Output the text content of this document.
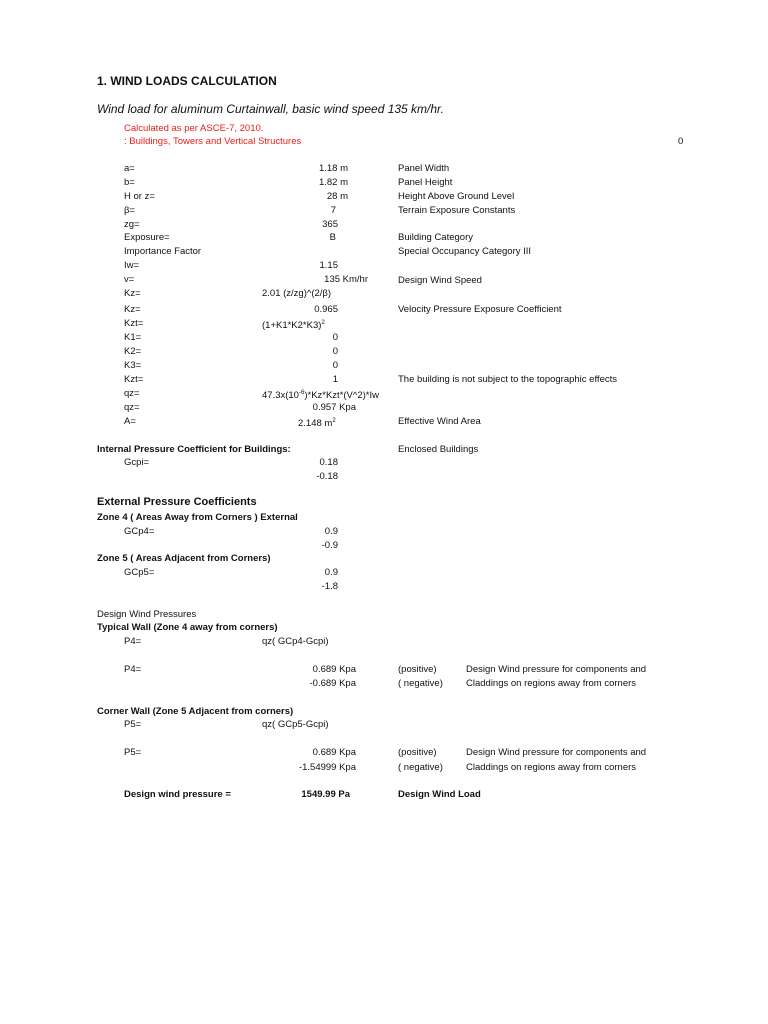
1. WIND LOADS CALCULATION
Wind load for aluminum Curtainwall, basic wind speed 135 km/hr.
Calculated as per ASCE-7, 2010.
: Buildings, Towers and Vertical Structures	0
a=	1.18 m	Panel Width
b=	1.82 m	Panel Height
H or z=	28 m	Height Above Ground Level
β=	7	Terrain Exposure Constants
zg=	365
Exposure=	B	Building Category
Importance Factor	Special Occupancy Category III
Iw=	1.15
v=	135 Km/hr	Design Wind Speed
Kz=	2.01 (z/zg)^(2/β)
Kz=	0.965	Velocity Pressure Exposure Coefficient
Kzt=	$(1+K1*K2*K3)^2$
K1=	0
K2=	0
K3=	0
Kzt=	1	The building is not subject to the topographic effects
qz=	$47.3x(10^{-6})*Kz*Kzt*(V\^{}2)*Iw$
qz=	0.957 Kpa
A=	2.148 $m^2$	Effective Wind Area
Internal Pressure Coefficient for Buildings:	Enclosed Buildings
Gcpi=	0.18
-0.18
External Pressure Coefficients
Zone 4 ( Areas Away from Corners ) External
GCp4=	0.9
-0.9
Zone 5 ( Areas Adjacent from Corners)
GCp5=	0.9
-1.8
Design Wind Pressures
Typical Wall (Zone 4 away from corners)
P4=	qz( GCp4-Gcpi)
P4=	0.689 Kpa	(positive)	Design Wind pressure for components and
-0.689 Kpa	( negative) Claddings on regions away from corners
Corner Wall (Zone 5 Adjacent from corners)
P5=	qz( GCp5-Gcpi)
P5=	0.689 Kpa	(positive)	Design Wind pressure for components and
-1.54999 Kpa	( negative) Claddings on regions away from corners
Design wind pressure =	1549.99 Pa	Design Wind Load
